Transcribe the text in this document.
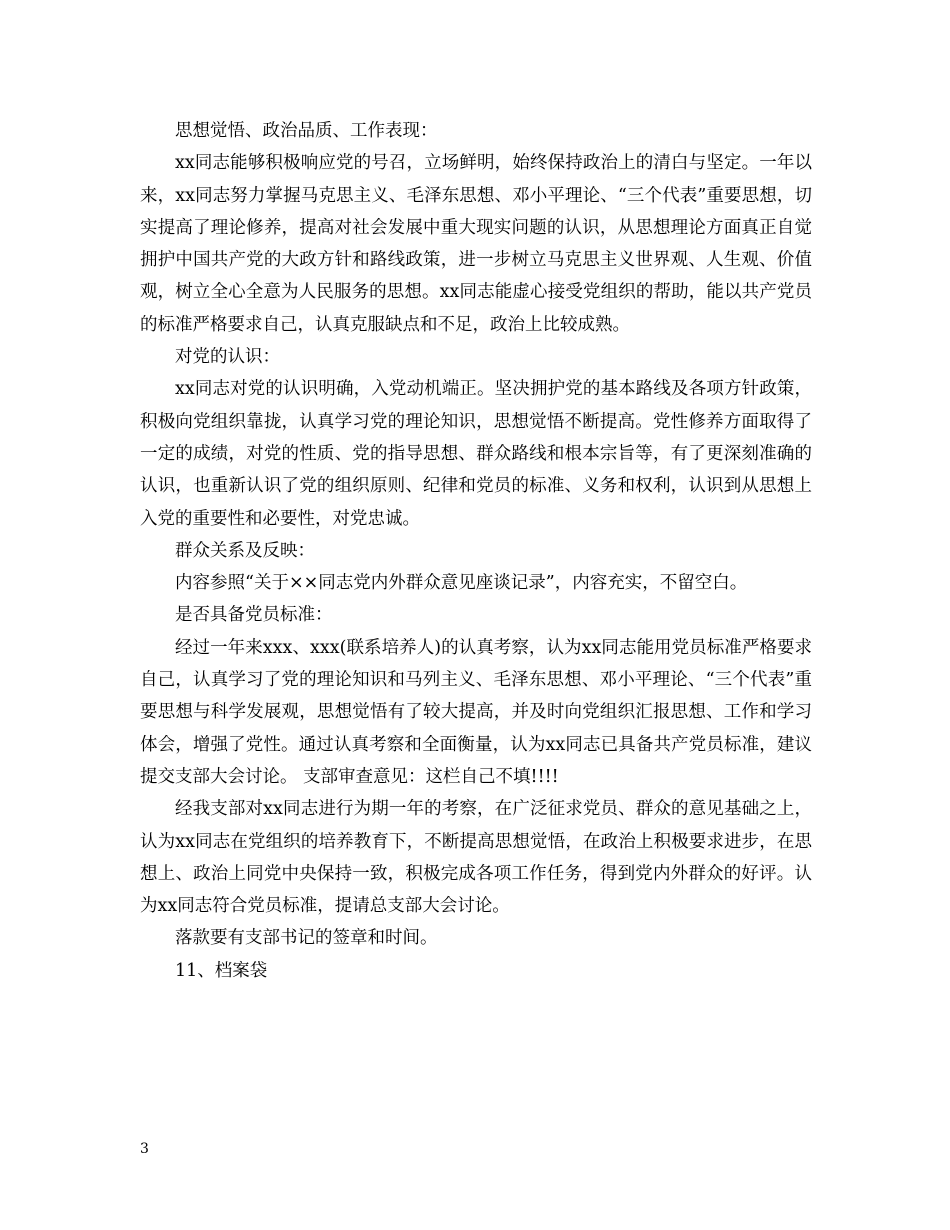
思想觉悟、政治品质、工作表现：

xx同志能够积极响应党的号召，立场鲜明，始终保持政治上的清白与坚定。一年以来，xx同志努力掌握马克思主义、毛泽东思想、邓小平理论、“三个代表”重要思想，切实提高了理论修养，提高对社会发展中重大现实问题的认识，从思想理论方面真正自觉拥护中国共产党的大政方针和路线政策，进一步树立马克思主义世界观、人生观、价值观，树立全心全意为人民服务的思想。xx同志能虚心接受党组织的帮助，能以共产党员的标准严格要求自己，认真克服缺点和不足，政治上比较成熟。

对党的认识：

xx同志对党的认识明确，入党动机端正。坚决拥护党的基本路线及各项方针政策，积极向党组织靠拢，认真学习党的理论知识，思想觉悟不断提高。党性修养方面取得了一定的成绩，对党的性质、党的指导思想、群众路线和根本宗旨等，有了更深刻准确的认识，也重新认识了党的组织原则、纪律和党员的标准、义务和权利，认识到从思想上入党的重要性和必要性，对党忠诚。

群众关系及反映：

内容参照“关于××同志党内外群众意见座谈记录”，内容充实，不留空白。

是否具备党员标准：

经过一年来xxx、xxx(联系培养人)的认真考察，认为xx同志能用党员标准严格要求自己，认真学习了党的理论知识和马列主义、毛泽东思想、邓小平理论、“三个代表”重要思想与科学发展观，思想觉悟有了较大提高，并及时向党组织汇报思想、工作和学习体会，增强了党性。通过认真考察和全面衡量，认为xx同志已具备共产党员标准，建议提交支部大会讨论。 支部审查意见：这栏自己不填!!!!

经我支部对xx同志进行为期一年的考察，在广泛征求党员、群众的意见基础之上，认为xx同志在党组织的培养教育下，不断提高思想觉悟，在政治上积极要求进步，在思想上、政治上同党中央保持一致，积极完成各项工作任务，得到党内外群众的好评。认为xx同志符合党员标准，提请总支部大会讨论。

落款要有支部书记的签章和时间。

11、档案袋

3
